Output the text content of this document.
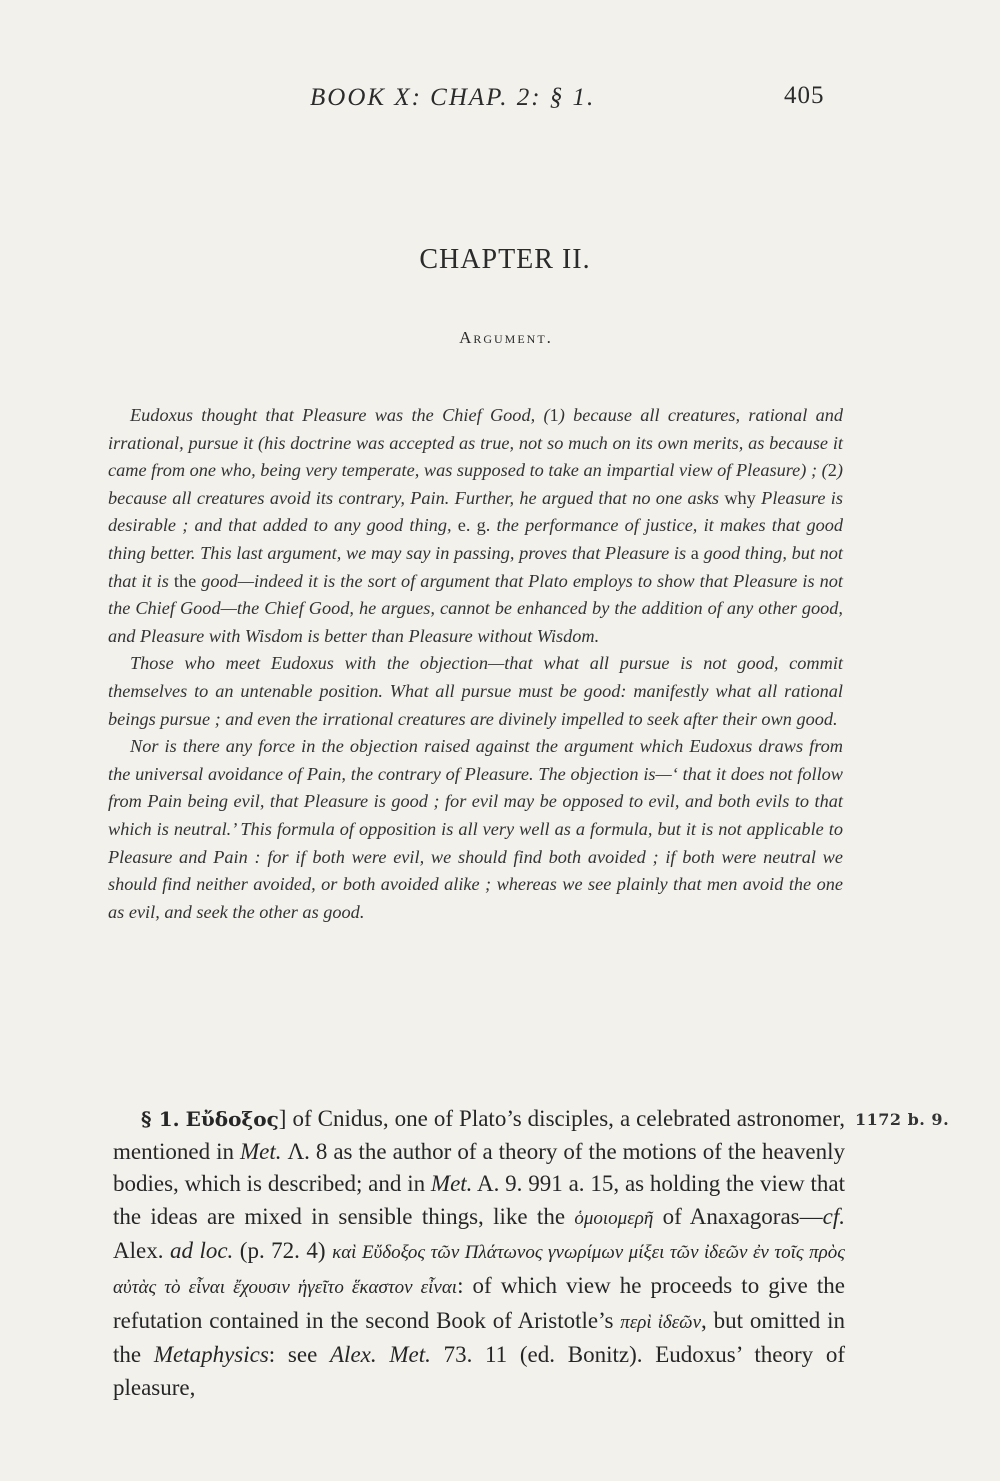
BOOK X: CHAP. 2: § 1.	405
CHAPTER II.
Argument.

Eudoxus thought that Pleasure was the Chief Good, (1) because all creatures, rational and irrational, pursue it (his doctrine was accepted as true, not so much on its own merits, as because it came from one who, being very temperate, was supposed to take an impartial view of Pleasure) ; (2) because all creatures avoid its contrary, Pain. Further, he argued that no one asks why Pleasure is desirable ; and that added to any good thing, e. g. the performance of justice, it makes that good thing better. This last argument, we may say in passing, proves that Pleasure is a good thing, but not that it is the good—indeed it is the sort of argument that Plato employs to show that Pleasure is not the Chief Good—the Chief Good, he argues, cannot be enhanced by the addition of any other good, and Pleasure with Wisdom is better than Pleasure without Wisdom.

Those who meet Eudoxus with the objection—that what all pursue is not good, commit themselves to an untenable position. What all pursue must be good: manifestly what all rational beings pursue ; and even the irrational creatures are divinely impelled to seek after their own good.

Nor is there any force in the objection raised against the argument which Eudoxus draws from the universal avoidance of Pain, the contrary of Pleasure. The objection is—‘ that it does not follow from Pain being evil, that Pleasure is good ; for evil may be opposed to evil, and both evils to that which is neutral.’ This formula of opposition is all very well as a formula, but it is not applicable to Pleasure and Pain : for if both were evil, we should find both avoided ; if both were neutral we should find neither avoided, or both avoided alike ; whereas we see plainly that men avoid the one as evil, and seek the other as good.

§ 1. Εὔδοξος] of Cnidus, one of Plato’s disciples, a celebrated astronomer, mentioned in Met. Λ. 8 as the author of a theory of the motions of the heavenly bodies, which is described; and in Met. A. 9. 991 a. 15, as holding the view that the ideas are mixed in sensible things, like the ὁμοιομερῆ of Anaxagoras—cf. Alex. ad loc. (p. 72. 4) καὶ Εὔδοξος τῶν Πλάτωνος γνωρίμων μίξει τῶν ἰδεῶν ἐν τοῖς πρὸς αὐτὰς τὸ εἶναι ἔχουσιν ἡγεῖτο ἕκαστον εἶναι: of which view he proceeds to give the refutation contained in the second Book of Aristotle’s περὶ ἰδεῶν, but omitted in the Metaphysics: see Alex. Met. 73. 11 (ed. Bonitz). Eudoxus’ theory of pleasure,

1172 b. 9.
